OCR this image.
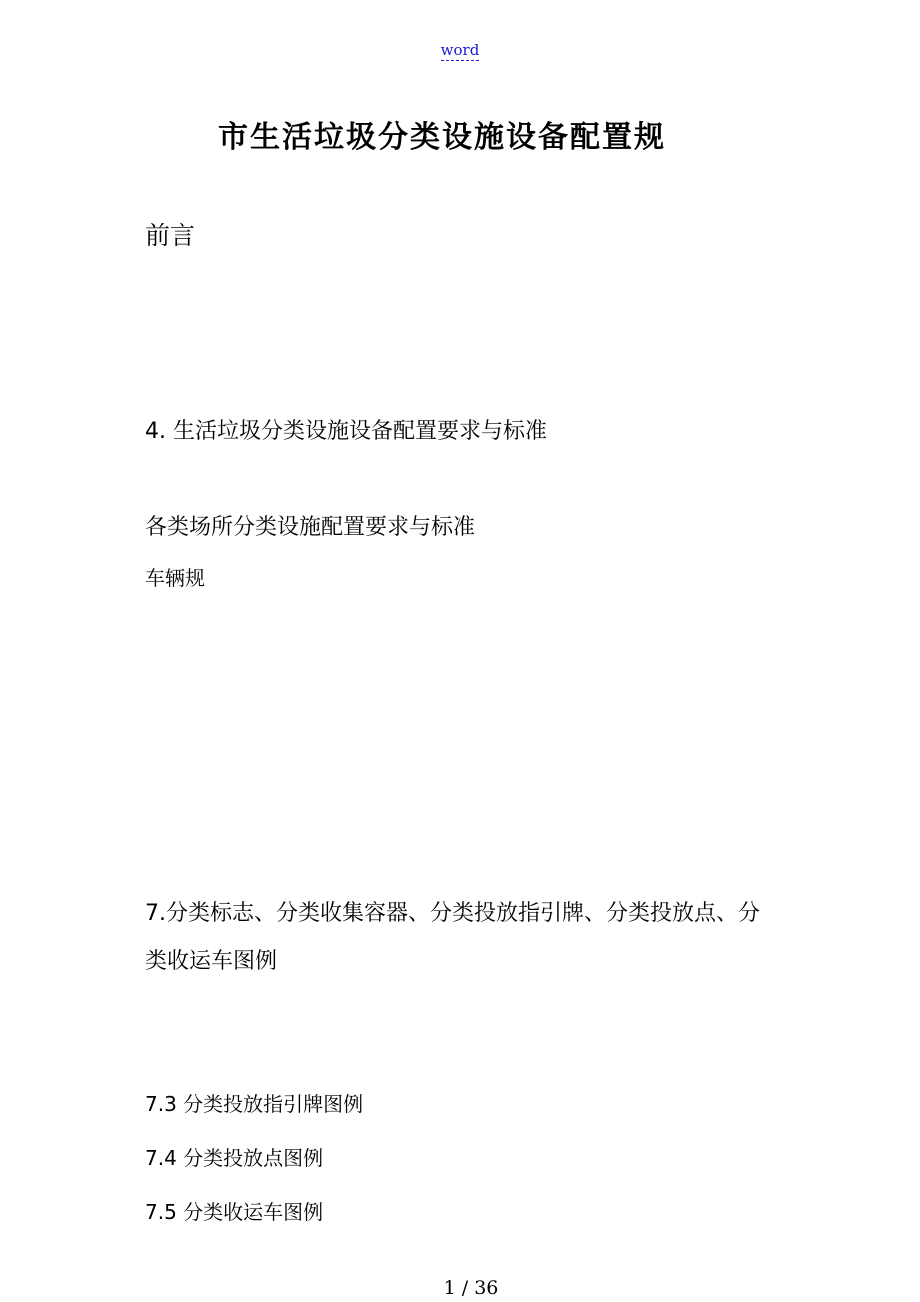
word
市生活垃圾分类设施设备配置规
前言
4. 生活垃圾分类设施设备配置要求与标准
各类场所分类设施配置要求与标准
车辆规
7.分类标志、分类收集容器、分类投放指引牌、分类投放点、分
类收运车图例
7.3 分类投放指引牌图例
7.4 分类投放点图例
7.5 分类收运车图例
1 / 36
